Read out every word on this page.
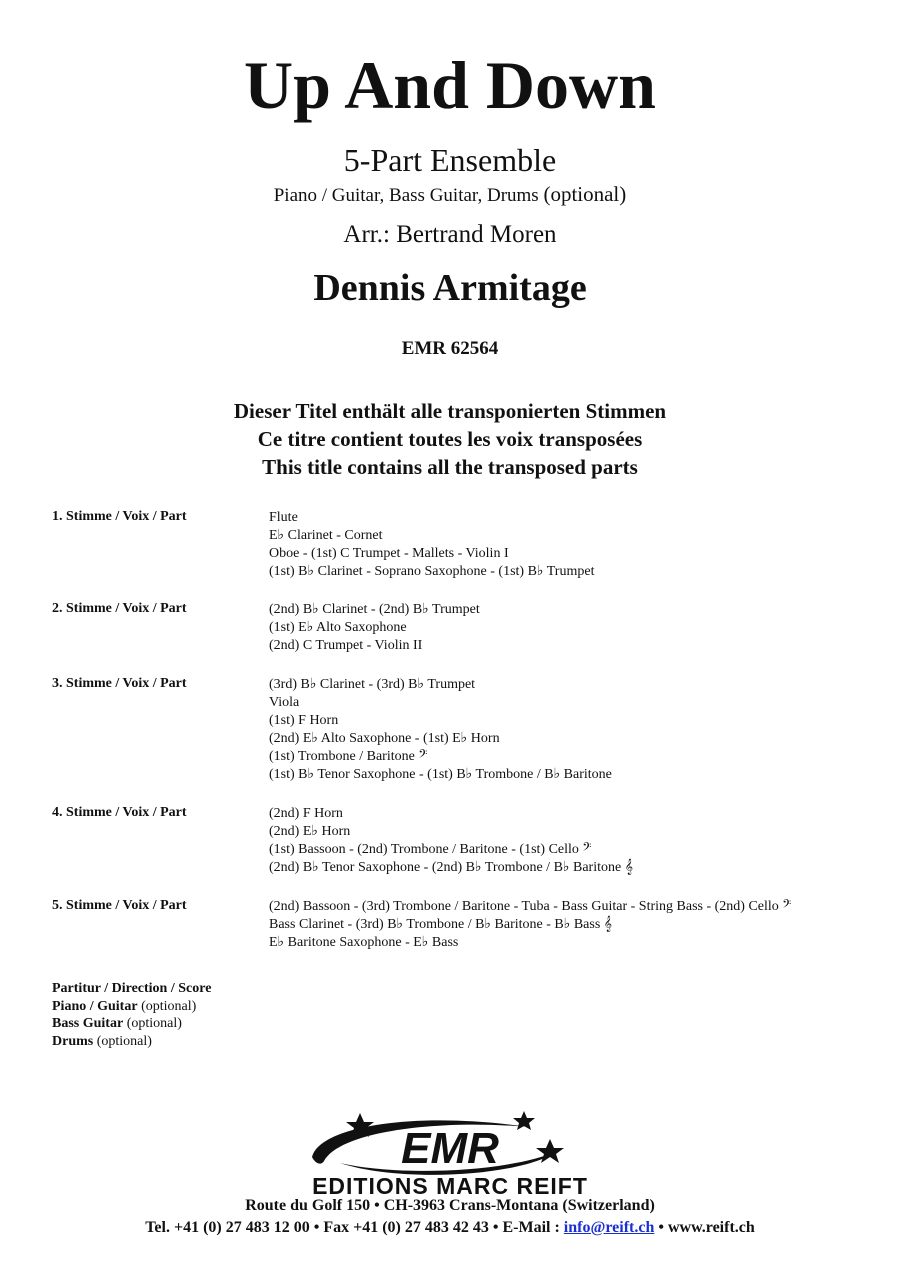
Up And Down
5-Part Ensemble
Piano / Guitar, Bass Guitar, Drums (optional)
Arr.: Bertrand Moren
Dennis Armitage
EMR 62564
Dieser Titel enthält alle transponierten Stimmen
Ce titre contient toutes les voix transposées
This title contains all the transposed parts
1. Stimme / Voix / Part	Flute
E♭ Clarinet - Cornet
Oboe - (1st) C Trumpet - Mallets - Violin I
(1st) B♭ Clarinet - Soprano Saxophone - (1st) B♭ Trumpet
2. Stimme / Voix / Part	(2nd) B♭ Clarinet - (2nd) B♭ Trumpet
(1st) E♭ Alto Saxophone
(2nd) C Trumpet - Violin II
3. Stimme / Voix / Part	(3rd) B♭ Clarinet - (3rd) B♭ Trumpet
Viola
(1st) F Horn
(2nd) E♭ Alto Saxophone - (1st) E♭ Horn
(1st) Trombone / Baritone 𝄢
(1st) B♭ Tenor Saxophone - (1st) B♭ Trombone / B♭ Baritone
4. Stimme / Voix / Part	(2nd) F Horn
(2nd) E♭ Horn
(1st) Bassoon - (2nd) Trombone / Baritone - (1st) Cello 𝄢
(2nd) B♭ Tenor Saxophone - (2nd) B♭ Trombone / B♭ Baritone 𝄞
5. Stimme / Voix / Part	(2nd) Bassoon - (3rd) Trombone / Baritone - Tuba - Bass Guitar - String Bass - (2nd) Cello 𝄢
Bass Clarinet - (3rd) B♭ Trombone / B♭ Baritone - B♭ Bass 𝄞
E♭ Baritone Saxophone - E♭ Bass
Partitur / Direction / Score
Piano / Guitar (optional)
Bass Guitar (optional)
Drums (optional)
EMR
EDITIONS MARC REIFT
Route du Golf 150 • CH-3963 Crans-Montana (Switzerland)
Tel. +41 (0) 27 483 12 00 • Fax +41 (0) 27 483 42 43 • E-Mail : info@reift.ch • www.reift.ch
